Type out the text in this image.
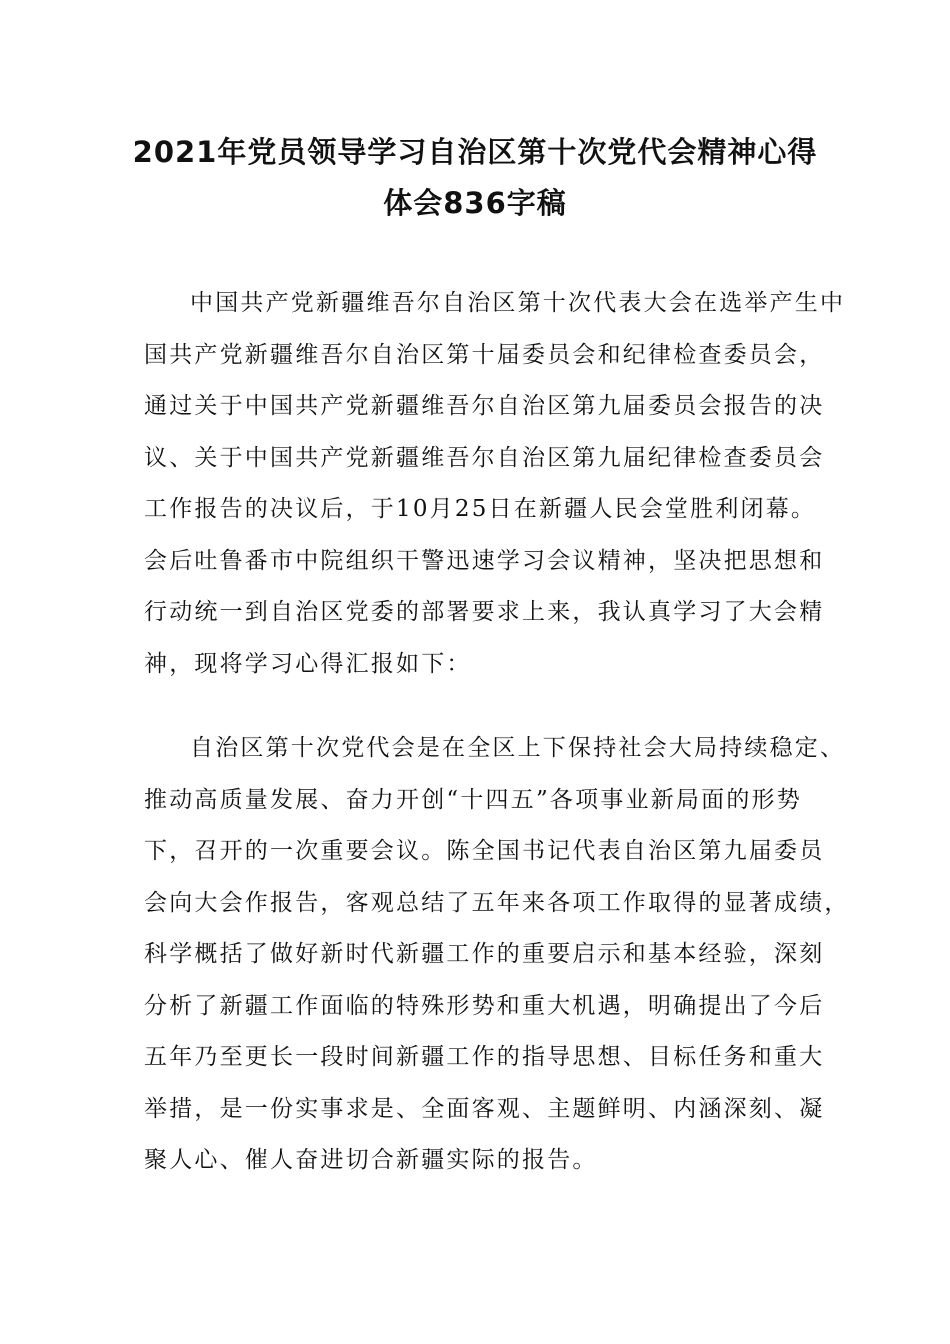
2021年党员领导学习自治区第十次党代会精神心得
体会836字稿
中国共产党新疆维吾尔自治区第十次代表大会在选举产生中
国共产党新疆维吾尔自治区第十届委员会和纪律检查委员会，
通过关于中国共产党新疆维吾尔自治区第九届委员会报告的决
议、关于中国共产党新疆维吾尔自治区第九届纪律检查委员会
工作报告的决议后，于10月25日在新疆人民会堂胜利闭幕。
会后吐鲁番市中院组织干警迅速学习会议精神，坚决把思想和
行动统一到自治区党委的部署要求上来，我认真学习了大会精
神，现将学习心得汇报如下：
自治区第十次党代会是在全区上下保持社会大局持续稳定、
推动高质量发展、奋力开创“十四五”各项事业新局面的形势
下，召开的一次重要会议。陈全国书记代表自治区第九届委员
会向大会作报告，客观总结了五年来各项工作取得的显著成绩，
科学概括了做好新时代新疆工作的重要启示和基本经验，深刻
分析了新疆工作面临的特殊形势和重大机遇，明确提出了今后
五年乃至更长一段时间新疆工作的指导思想、目标任务和重大
举措，是一份实事求是、全面客观、主题鲜明、内涵深刻、凝
聚人心、催人奋进切合新疆实际的报告。
